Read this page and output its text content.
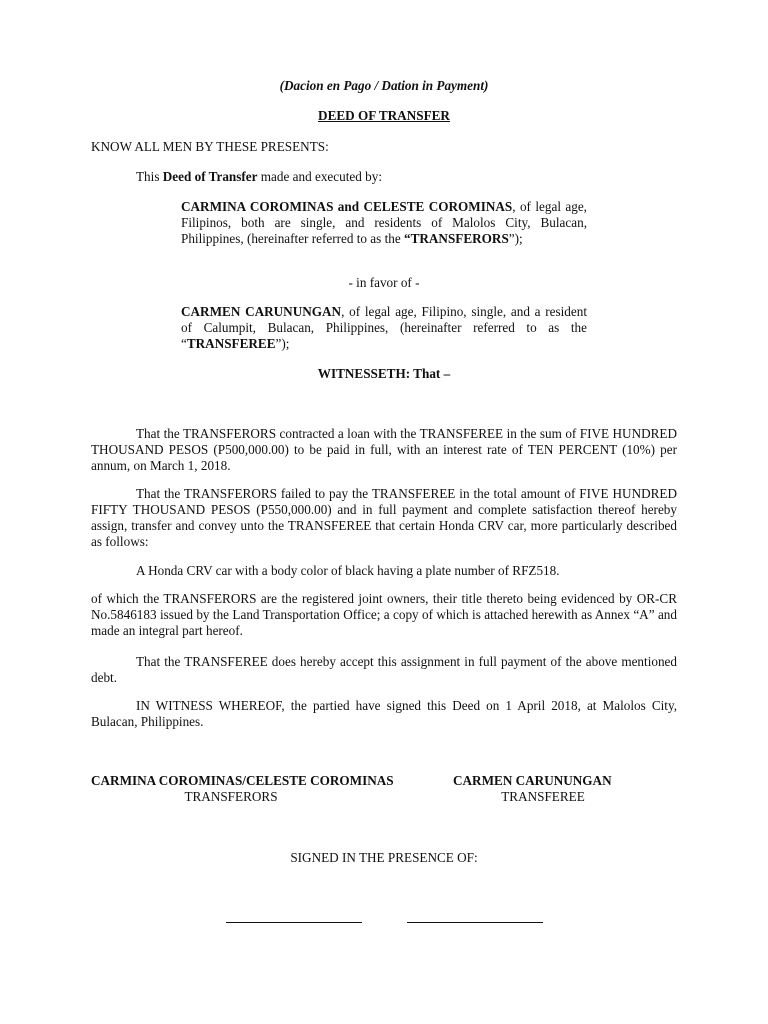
(Dacion en Pago / Dation in Payment)
DEED OF TRANSFER
KNOW ALL MEN BY THESE PRESENTS:
This Deed of Transfer made and executed by:
CARMINA COROMINAS and CELESTE COROMINAS, of legal age, Filipinos, both are single, and residents of Malolos City, Bulacan, Philippines, (hereinafter referred to as the “TRANSFERORS”);
- in favor of -
CARMEN CARUNUNGAN, of legal age, Filipino, single, and a resident of Calumpit, Bulacan, Philippines, (hereinafter referred to as the “TRANSFEREE”);
WITNESSETH: That –
That the TRANSFERORS contracted a loan with the TRANSFEREE in the sum of FIVE HUNDRED THOUSAND PESOS (P500,000.00) to be paid in full, with an interest rate of TEN PERCENT (10%) per annum, on March 1, 2018.
That the TRANSFERORS failed to pay the TRANSFEREE in the total amount of FIVE HUNDRED FIFTY THOUSAND PESOS (P550,000.00) and in full payment and complete satisfaction thereof hereby assign, transfer and convey unto the TRANSFEREE that certain Honda CRV car, more particularly described as follows:
A Honda CRV car with a body color of black having a plate number of RFZ518.
of which the TRANSFERORS are the registered joint owners, their title thereto being evidenced by OR-CR No.5846183 issued by the Land Transportation Office; a copy of which is attached herewith as Annex “A” and made an integral part hereof.
That the TRANSFEREE does hereby accept this assignment in full payment of the above mentioned debt.
IN WITNESS WHEREOF, the partied have signed this Deed on 1 April 2018, at Malolos City, Bulacan, Philippines.
CARMINA COROMINAS/CELESTE COROMINAS
TRANSFERORS
CARMEN CARUNUNGAN
TRANSFEREE
SIGNED IN THE PRESENCE OF:
